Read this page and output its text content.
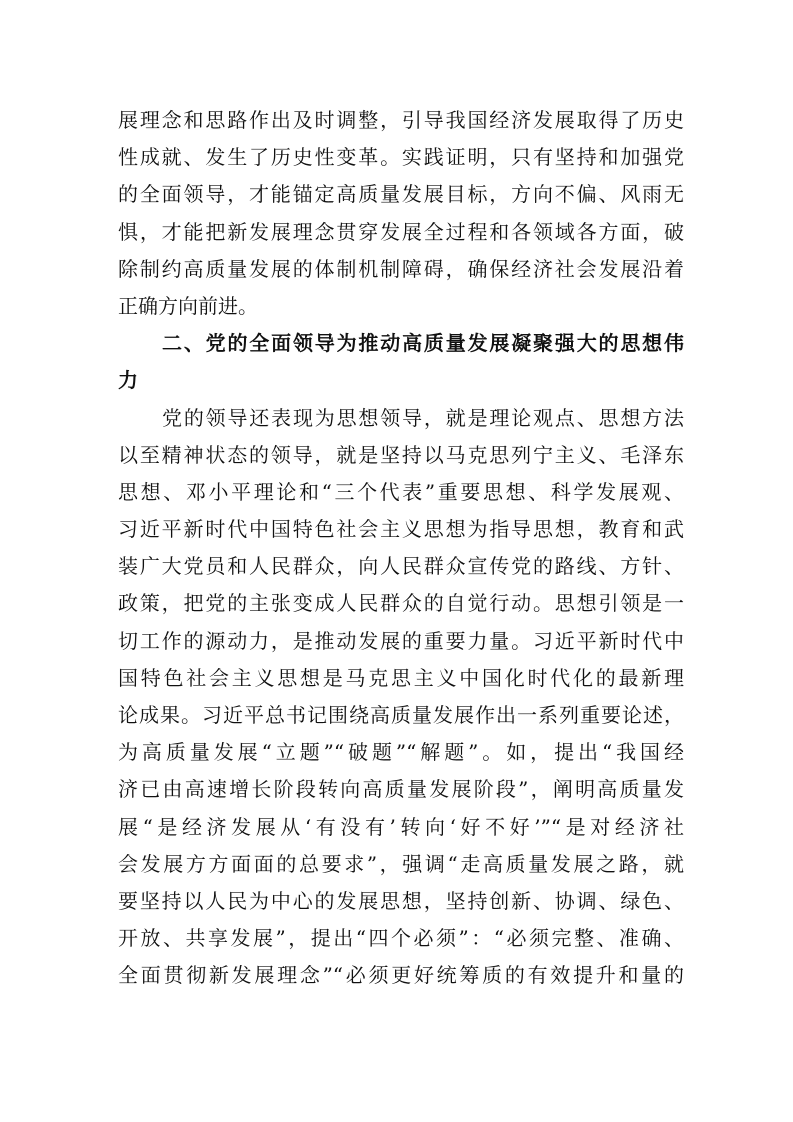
展理念和思路作出及时调整，引导我国经济发展取得了历史
性成就、发生了历史性变革。实践证明，只有坚持和加强党
的全面领导，才能锚定高质量发展目标，方向不偏、风雨无
惧，才能把新发展理念贯穿发展全过程和各领域各方面，破
除制约高质量发展的体制机制障碍，确保经济社会发展沿着
正确方向前进。
二、党的全面领导为推动高质量发展凝聚强大的思想伟
力
党的领导还表现为思想领导，就是理论观点、思想方法
以至精神状态的领导，就是坚持以马克思列宁主义、毛泽东
思想、邓小平理论和“三个代表”重要思想、科学发展观、
习近平新时代中国特色社会主义思想为指导思想，教育和武
装广大党员和人民群众，向人民群众宣传党的路线、方针、
政策，把党的主张变成人民群众的自觉行动。思想引领是一
切工作的源动力，是推动发展的重要力量。习近平新时代中
国特色社会主义思想是马克思主义中国化时代化的最新理
论成果。习近平总书记围绕高质量发展作出一系列重要论述，
为高质量发展“立题”“破题”“解题”。如，提出“我国经
济已由高速增长阶段转向高质量发展阶段”，阐明高质量发
展“是经济发展从‘有没有’转向‘好不好’”“是对经济社
会发展方方面面的总要求”，强调“走高质量发展之路，就
要坚持以人民为中心的发展思想，坚持创新、协调、绿色、
开放、共享发展”，提出“四个必须”：“必须完整、准确、
全面贯彻新发展理念”“必须更好统筹质的有效提升和量的
